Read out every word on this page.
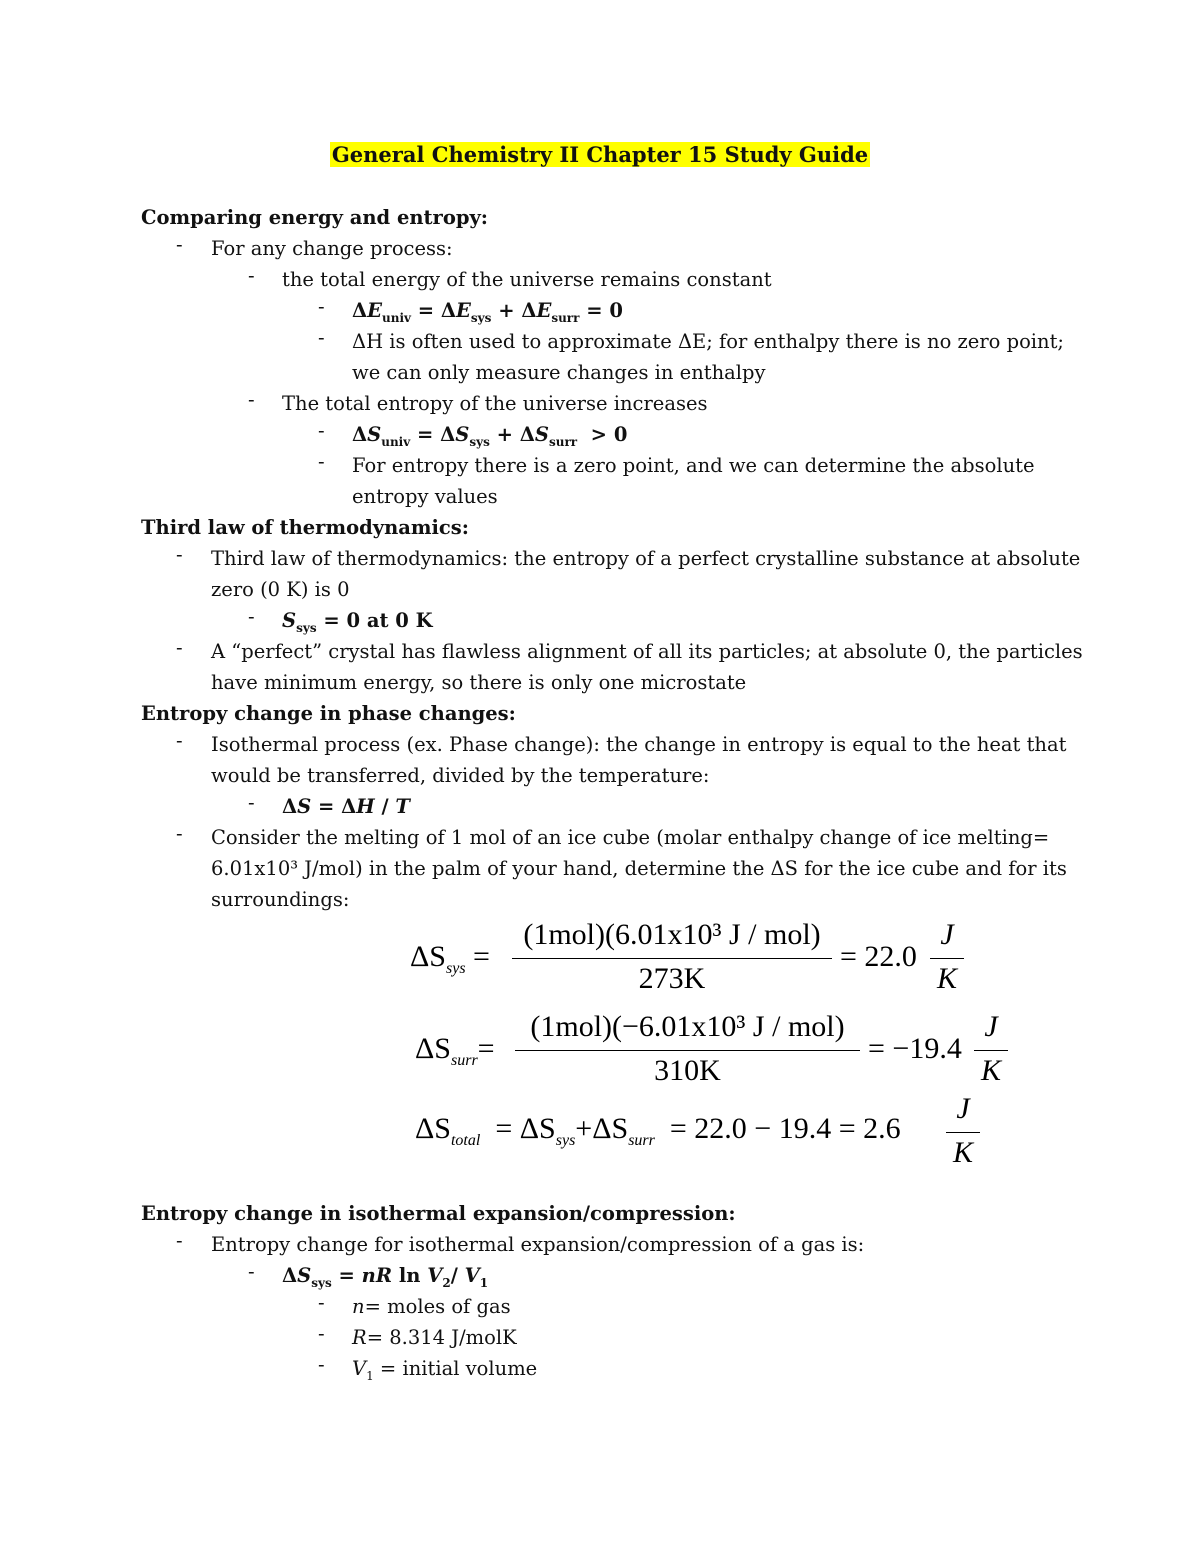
General Chemistry II Chapter 15 Study Guide
Comparing energy and entropy:
- For any change process:
- the total energy of the universe remains constant
- $\Delta E_{univ} = \Delta E_{sys} + \Delta E_{surr} = 0$
- ΔH is often used to approximate ΔE; for enthalpy there is no zero point;
we can only measure changes in enthalpy
- The total entropy of the universe increases
- $\Delta S_{univ} = \Delta S_{sys} + \Delta S_{surr} > 0$
- For entropy there is a zero point, and we can determine the absolute
entropy values
Third law of thermodynamics:
- Third law of thermodynamics: the entropy of a perfect crystalline substance at absolute
zero (0 K) is 0
- $S_{sys} = 0$ at 0 K
- A “perfect” crystal has flawless alignment of all its particles; at absolute 0, the particles
have minimum energy, so there is only one microstate
Entropy change in phase changes:
- Isothermal process (ex. Phase change): the change in entropy is equal to the heat that
would be transferred, divided by the temperature:
- ΔS = ΔH / T
- Consider the melting of 1 mol of an ice cube (molar enthalpy change of ice melting=
6.01x10³ J/mol) in the palm of your hand, determine the ΔS for the ice cube and for its
surroundings:
$\Delta S_{sys}$ =
(1mol)(6.01x10³ J / mol)
273K
= 22.0
J
K
$\Delta S_{surr}=$
(1mol)(−6.01x10³ J / mol)
310K
= −19.4
J
K
$\Delta S_{total} = \Delta S_{sys}+\Delta S_{surr} = 22.0 - 19.4 = 2.6$
J
K
Entropy change in isothermal expansion/compression:
- Entropy change for isothermal expansion/compression of a gas is:
- $\Delta S_{sys}$ = nR $\ln V_2/$ $V_1$
- n= moles of gas
- R= 8.314 J/molK
- $V_1$ = initial volume
